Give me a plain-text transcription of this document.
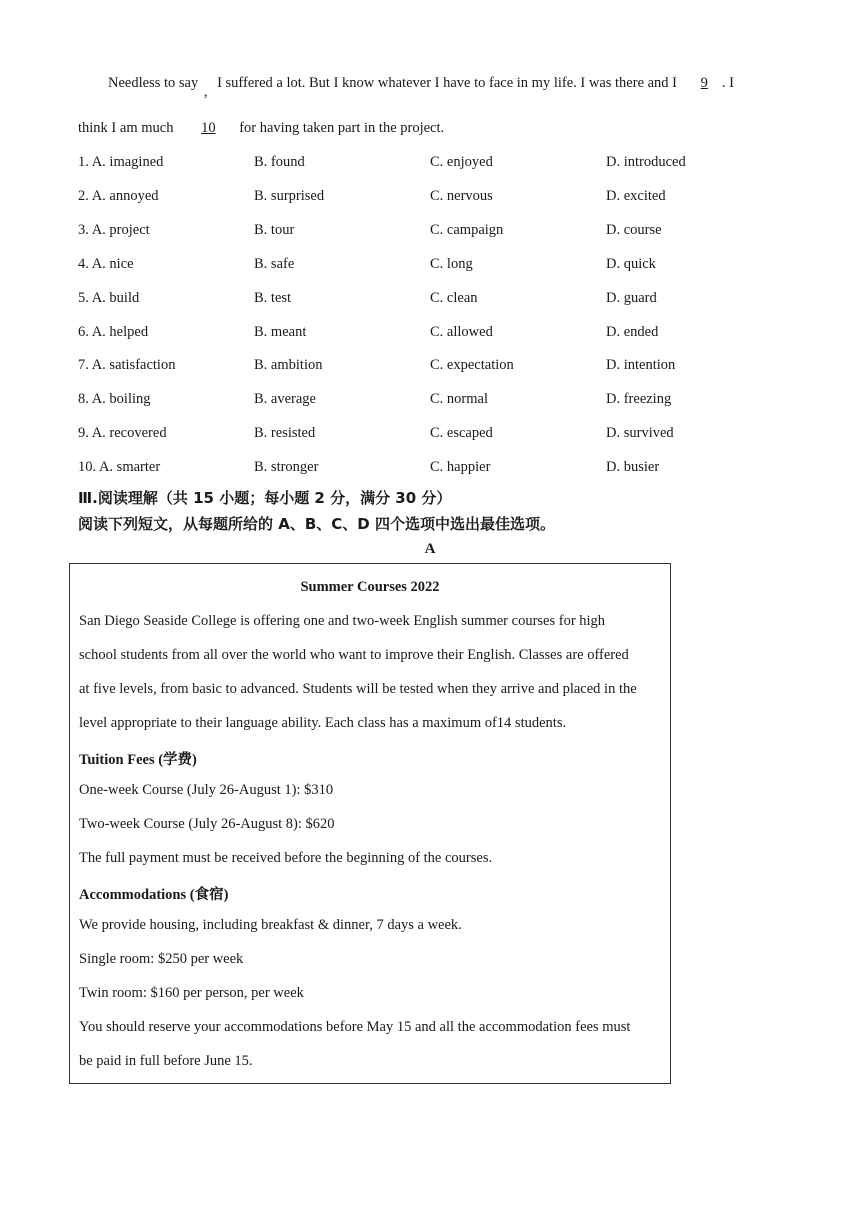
Needless to say , I suffered a lot. But I know whatever I have to face in my life. I was there and I 9 . I
think I am much 10 for having taken part in the project.
1. A. imagined	B. found	C. enjoyed	D. introduced
2. A. annoyed	B. surprised	C. nervous	D. excited
3. A. project	B. tour	C. campaign	D. course
4. A. nice	B. safe	C. long	D. quick
5. A. build	B. test	C. clean	D. guard
6. A. helped	B. meant	C. allowed	D. ended
7. A. satisfaction	B. ambition	C. expectation	D. intention
8. A. boiling	B. average	C. normal	D. freezing
9. A. recovered	B. resisted	C. escaped	D. survived
10. A. smarter	B. stronger	C. happier	D. busier
Ⅲ.阅读理解（共 15 小题；每小题 2 分，满分 30 分）
阅读下列短文，从每题所给的 A、B、C、D 四个选项中选出最佳选项。
A

Summer Courses 2022

San Diego Seaside College is offering one and two-week English summer courses for high

school students from all over the world who want to improve their English. Classes are offered

at five levels, from basic to advanced. Students will be tested when they arrive and placed in the

level appropriate to their language ability. Each class has a maximum of14 students.

Tuition Fees (学费)

One-week Course (July 26-August 1): $310

Two-week Course (July 26-August 8): $620

The full payment must be received before the beginning of the courses.

Accommodations (食宿)

We provide housing, including breakfast & dinner, 7 days a week.

Single room: $250 per week

Twin room: $160 per person, per week

You should reserve your accommodations before May 15 and all the accommodation fees must

be paid in full before June 15.
